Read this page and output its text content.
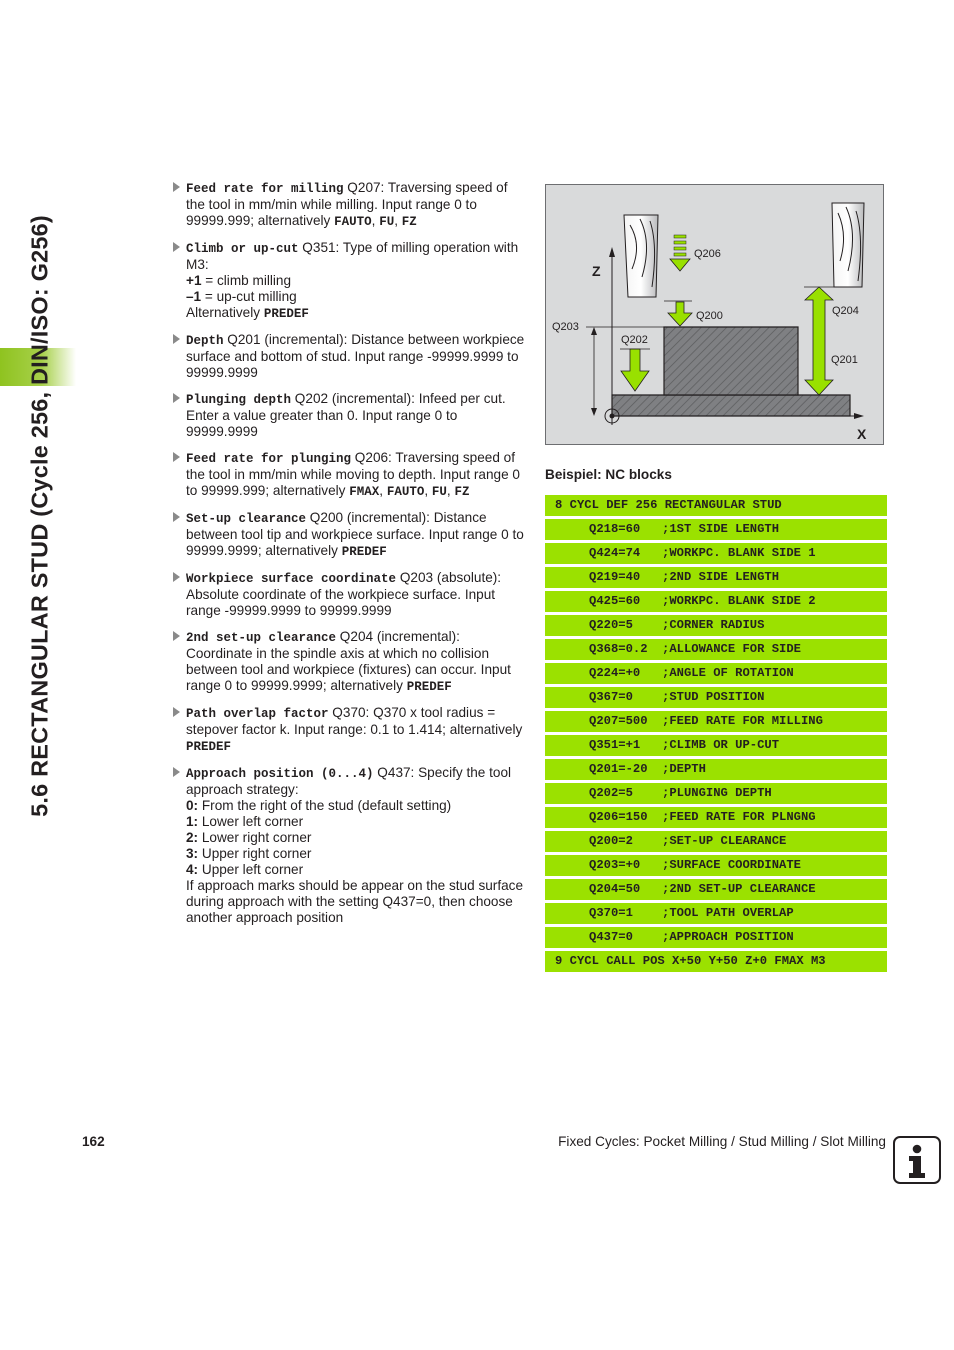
5.6 RECTANGULAR STUD (Cycle 256, DIN/ISO: G256)
Feed rate for milling Q207: Traversing speed of the tool in mm/min while milling. Input range 0 to 99999.999; alternatively FAUTO, FU, FZ
Climb or up-cut Q351: Type of milling operation with M3:
+1 = climb milling
–1 = up-cut milling
Alternatively PREDEF
Depth Q201 (incremental): Distance between workpiece surface and bottom of stud. Input range -99999.9999 to 99999.9999
Plunging depth Q202 (incremental): Infeed per cut. Enter a value greater than 0. Input range 0 to 99999.9999
Feed rate for plunging Q206: Traversing speed of the tool in mm/min while moving to depth. Input range 0 to 99999.999; alternatively FMAX, FAUTO, FU, FZ
Set-up clearance Q200 (incremental): Distance between tool tip and workpiece surface. Input range 0 to 99999.9999; alternatively PREDEF
Workpiece surface coordinate Q203 (absolute): Absolute coordinate of the workpiece surface. Input range -99999.9999 to 99999.9999
2nd set-up clearance Q204 (incremental): Coordinate in the spindle axis at which no collision between tool and workpiece (fixtures) can occur. Input range 0 to 99999.9999; alternatively PREDEF
Path overlap factor Q370: Q370 x tool radius = stepover factor k. Input range: 0.1 to 1.414; alternatively PREDEF
Approach position (0...4) Q437: Specify the tool approach strategy:
0: From the right of the stud (default setting)
1: Lower left corner
2: Lower right corner
3: Upper right corner
4: Upper left corner
If approach marks should be appear on the stud surface during approach with the setting Q437=0, then choose another approach position
Z
X
Q206
Q200	Q204
Q203
Q202
Q201
Beispiel: NC blocks
8 CYCL DEF 256 RECTANGULAR STUD
Q218=60 ;1ST SIDE LENGTH
Q424=74 ;WORKPC. BLANK SIDE 1
Q219=40 ;2ND SIDE LENGTH
Q425=60 ;WORKPC. BLANK SIDE 2
Q220=5 ;CORNER RADIUS
Q368=0.2 ;ALLOWANCE FOR SIDE
Q224=+0 ;ANGLE OF ROTATION
Q367=0 ;STUD POSITION
Q207=500 ;FEED RATE FOR MILLING
Q351=+1 ;CLIMB OR UP-CUT
Q201=-20 ;DEPTH
Q202=5 ;PLUNGING DEPTH
Q206=150 ;FEED RATE FOR PLNGNG
Q200=2 ;SET-UP CLEARANCE
Q203=+0 ;SURFACE COORDINATE
Q204=50 ;2ND SET-UP CLEARANCE
Q370=1 ;TOOL PATH OVERLAP
Q437=0 ;APPROACH POSITION
9 CYCL CALL POS X+50 Y+50 Z+0 FMAX M3
162	Fixed Cycles: Pocket Milling / Stud Milling / Slot Milling
